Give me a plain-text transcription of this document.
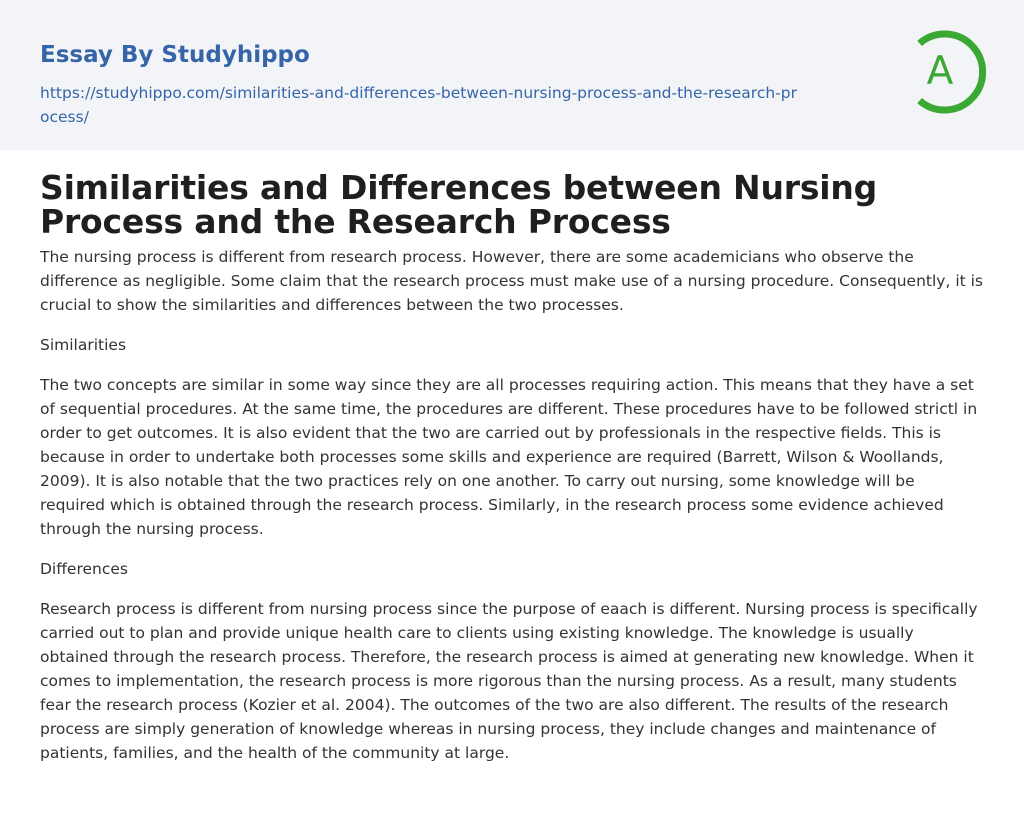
Essay By Studyhippo
https://studyhippo.com/similarities-and-differences-between-nursing-process-and-the-research-process/
A
Similarities and Differences between Nursing Process and the Research Process

The nursing process is different from research process. However, there are some academicians who observe the difference as negligible. Some claim that the research process must make use of a nursing procedure. Consequently, it is crucial to show the similarities and differences between the two processes.

Similarities

The two concepts are similar in some way since they are all processes requiring action. This means that they have a set of sequential procedures. At the same time, the procedures are different. These procedures have to be followed strictl in order to get outcomes. It is also evident that the two are carried out by professionals in the respective fields. This is because in order to undertake both processes some skills and experience are required (Barrett, Wilson & Woollands, 2009). It is also notable that the two practices rely on one another. To carry out nursing, some knowledge will be required which is obtained through the research process. Similarly, in the research process some evidence achieved through the nursing process.

Differences

Research process is different from nursing process since the purpose of eaach is different. Nursing process is specifically carried out to plan and provide unique health care to clients using existing knowledge. The knowledge is usually obtained through the research process. Therefore, the research process is aimed at generating new knowledge. When it comes to implementation, the research process is more rigorous than the nursing process. As a result, many students fear the research process (Kozier et al. 2004). The outcomes of the two are also different. The results of the research process are simply generation of knowledge whereas in nursing process, they include changes and maintenance of patients, families, and the health of the community at large.
